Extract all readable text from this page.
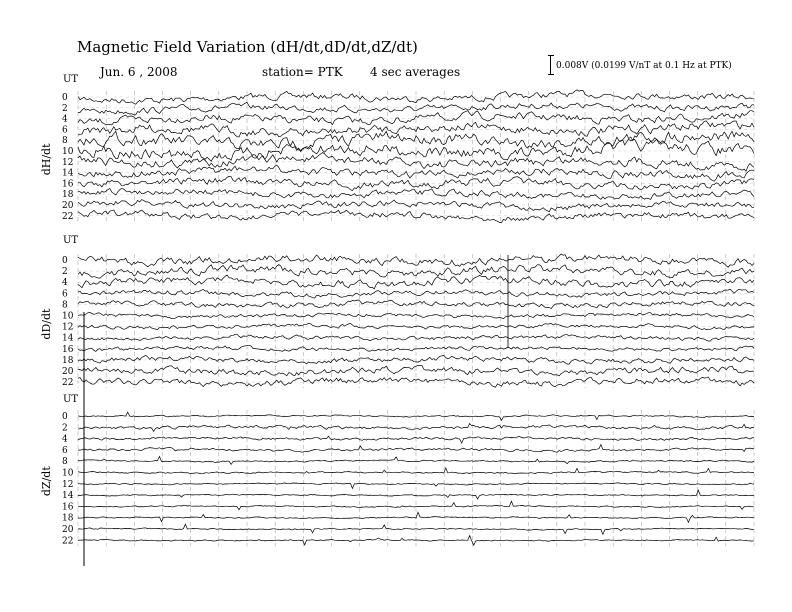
Magnetic Field Variation (dH/dt,dD/dt,dZ/dt)
Jun. 6 , 2008	station= PTK 4 sec averages	0.008V (0.0199 V/nT at 0.1 Hz at PTK)
UT
dH/dt
0
2
4
6
8
10
12
14
16
18
20
22
UT
dD/dt
0
2
4
6
8
10
12
14
16
18
20
22
UT
dZ/dt
0
2
4
6
8
10
12
14
16
18
20
22
